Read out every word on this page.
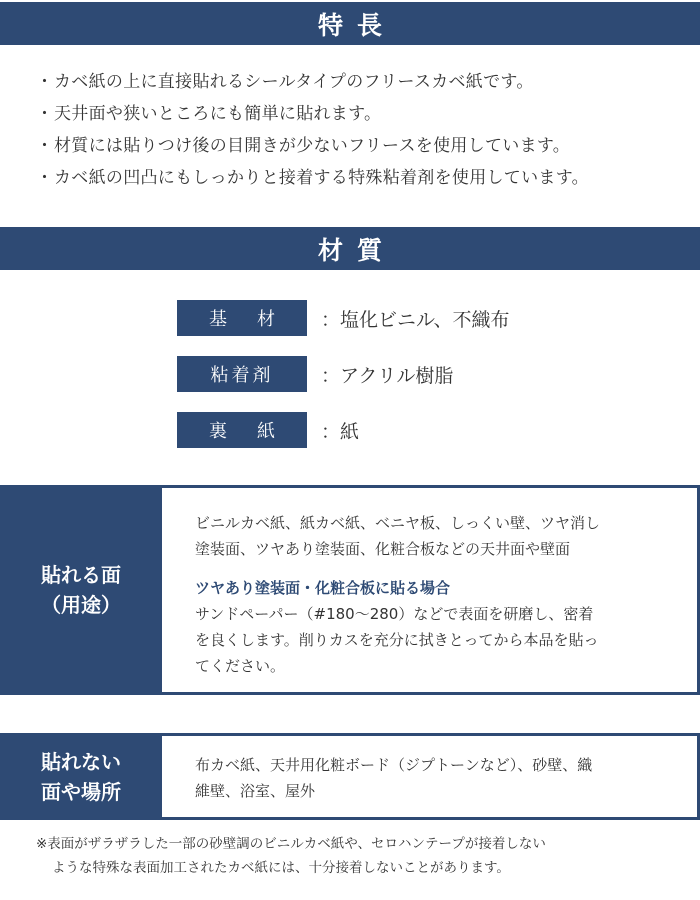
特長
・カベ紙の上に直接貼れるシールタイプのフリースカベ紙です。
・天井面や狭いところにも簡単に貼れます。
・材質には貼りつけ後の目開きが少ないフリースを使用しています。
・カベ紙の凹凸にもしっかりと接着する特殊粘着剤を使用しています。
材質
基材 ：塩化ビニル、不織布
粘着剤	：アクリル樹脂
裏紙 ：紙
貼れる面
（用途）
ビニルカベ紙、紙カベ紙、ベニヤ板、しっくい壁、ツヤ消し
塗装面、ツヤあり塗装面、化粧合板などの天井面や壁面
ツヤあり塗装面・化粧合板に貼る場合
サンドペーパー（#180〜280）などで表面を研磨し、密着
を良くします。削りカスを充分に拭きとってから本品を貼っ
てください。
貼れない
面や場所
布カベ紙、天井用化粧ボード（ジプトーンなど）、砂壁、織
維壁、浴室、屋外
※表面がザラザラした一部の砂壁調のビニルカベ紙や、セロハンテープが接着しない
ような特殊な表面加工されたカベ紙には、十分接着しないことがあります。
